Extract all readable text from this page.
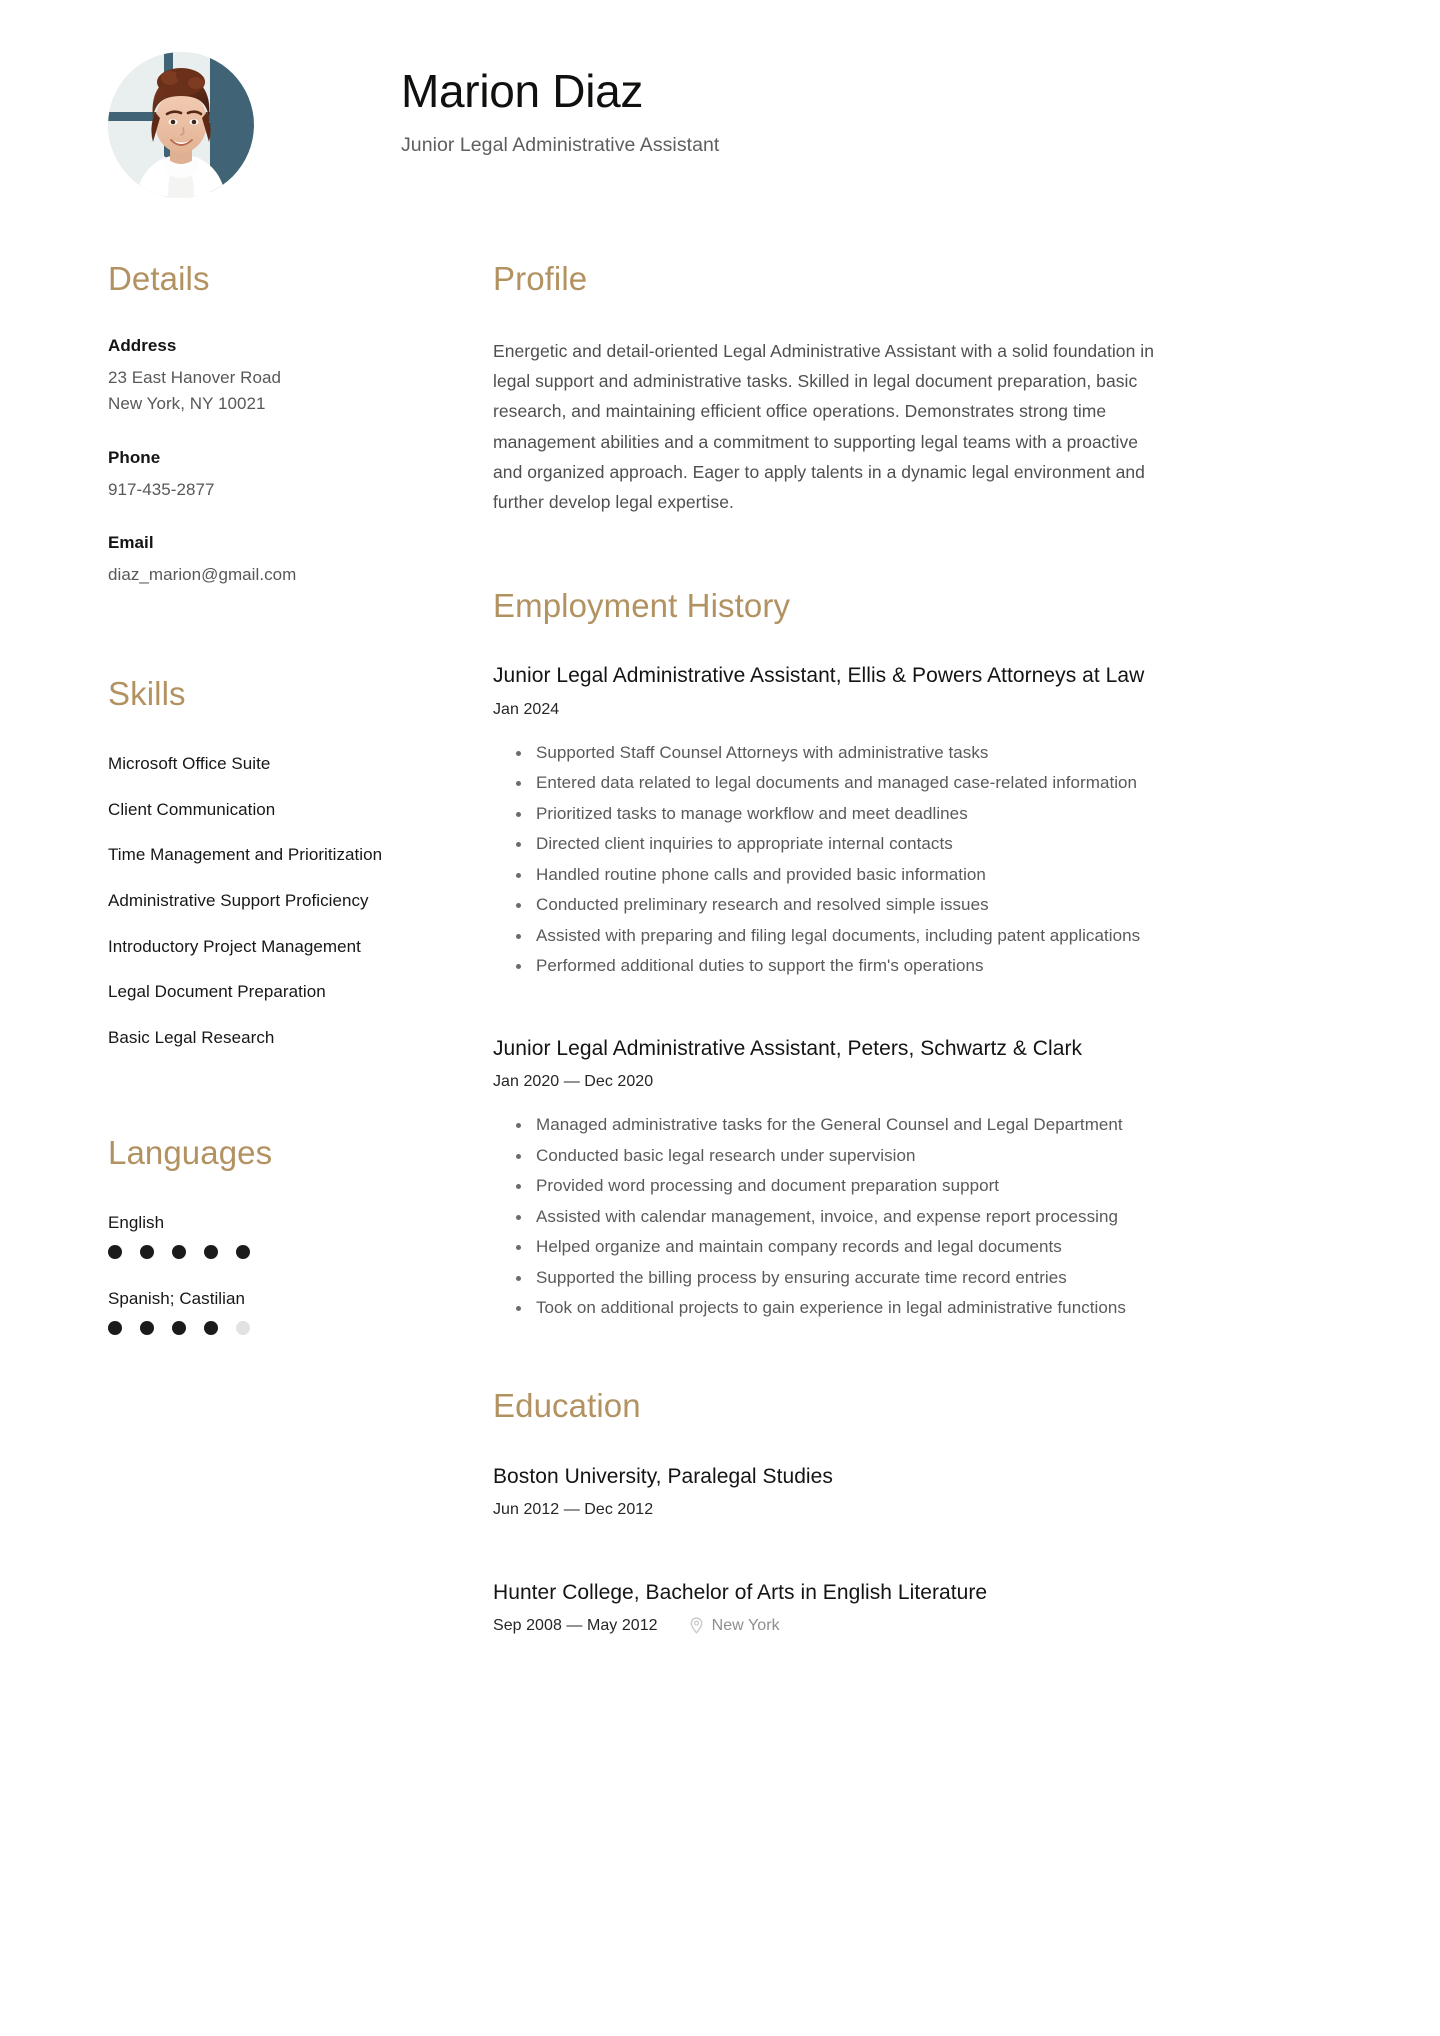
Marion Diaz
Junior Legal Administrative Assistant
Details
Address
23 East Hanover Road
New York, NY 10021
Phone
917-435-2877
Email
diaz_marion@gmail.com
Skills
Microsoft Office Suite
Client Communication
Time Management and Prioritization
Administrative Support Proficiency
Introductory Project Management
Legal Document Preparation
Basic Legal Research
Languages
English
Spanish; Castilian
Profile

Energetic and detail-oriented Legal Administrative Assistant with a solid foundation in legal support and administrative tasks. Skilled in legal document preparation, basic research, and maintaining efficient office operations. Demonstrates strong time management abilities and a commitment to supporting legal teams with a proactive and organized approach. Eager to apply talents in a dynamic legal environment and further develop legal expertise.

Employment History
Junior Legal Administrative Assistant, Ellis & Powers Attorneys at Law
Jan 2024
Supported Staff Counsel Attorneys with administrative tasks
Entered data related to legal documents and managed case-related information
Prioritized tasks to manage workflow and meet deadlines
Directed client inquiries to appropriate internal contacts
Handled routine phone calls and provided basic information
Conducted preliminary research and resolved simple issues
Assisted with preparing and filing legal documents, including patent applications
Performed additional duties to support the firm's operations
Junior Legal Administrative Assistant, Peters, Schwartz & Clark
Jan 2020 — Dec 2020
Managed administrative tasks for the General Counsel and Legal Department
Conducted basic legal research under supervision
Provided word processing and document preparation support
Assisted with calendar management, invoice, and expense report processing
Helped organize and maintain company records and legal documents
Supported the billing process by ensuring accurate time record entries
Took on additional projects to gain experience in legal administrative functions
Education
Boston University, Paralegal Studies
Jun 2012 — Dec 2012
Hunter College, Bachelor of Arts in English Literature
Sep 2008 — May 2012	New York
